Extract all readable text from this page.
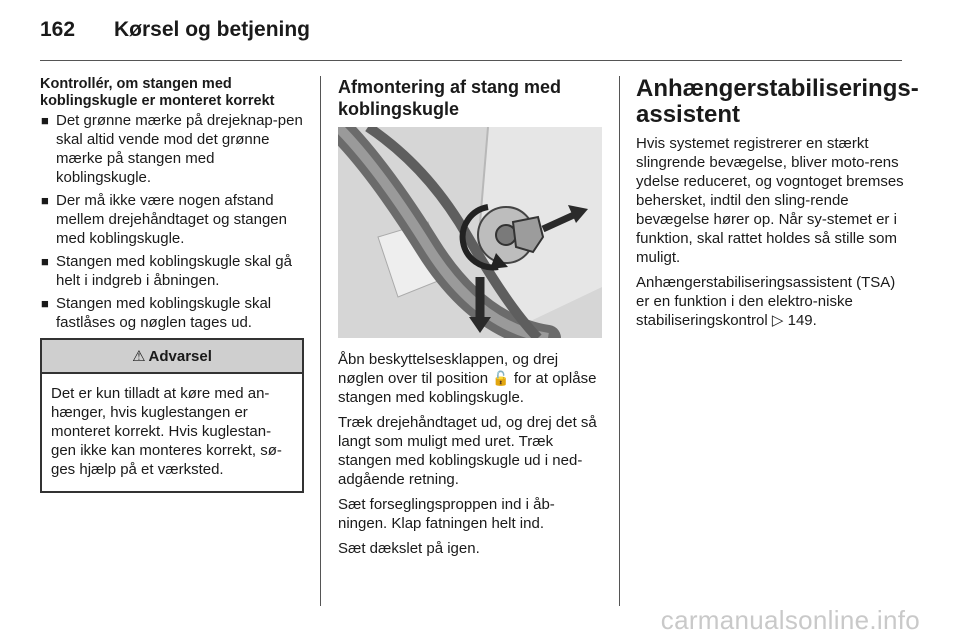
162	Kørsel og betjening

Kontrollér, om stangen med koblingskugle er monteret korrekt

■ Det grønne mærke på drejeknap-pen skal altid vende mod det grønne mærke på stangen med koblingskugle.
■ Der må ikke være nogen afstand mellem drejehåndtaget og stangen med koblingskugle.
■ Stangen med koblingskugle skal gå helt i indgreb i åbningen.
■ Stangen med koblingskugle skal fastlåses og nøglen tages ud.
⚠ Advarsel
Det er kun tilladt at køre med an-hænger, hvis kuglestangen er monteret korrekt. Hvis kuglestan-gen ikke kan monteres korrekt, sø-ges hjælp på et værksted.

Afmontering af stang med koblingskugle

Åbn beskyttelsesklappen, og drej nøglen over til position 🔓 for at oplåse stangen med koblingskugle.

Træk drejehåndtaget ud, og drej det så langt som muligt med uret. Træk stangen med koblingskugle ud i ned-adgående retning.

Sæt forseglingsproppen ind i åb-ningen. Klap fatningen helt ind.

Sæt dækslet på igen.

Anhængerstabiliserings-assistent

Hvis systemet registrerer en stærkt slingrende bevægelse, bliver moto-rens ydelse reduceret, og vogntoget bremses behersket, indtil den sling-rende bevægelse hører op. Når sy-stemet er i funktion, skal rattet holdes så stille som muligt.

Anhængerstabiliseringsassistent (TSA) er en funktion i den elektro-niske stabiliseringskontrol ▷ 149.

carmanualsonline.info
